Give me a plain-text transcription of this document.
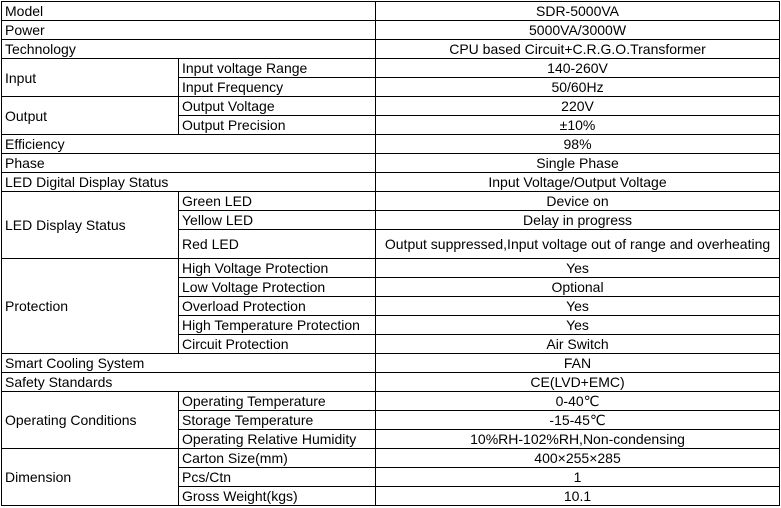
Model		SDR-5000VA
Power		5000VA/3000W
Technology		CPU based Circuit+C.R.G.O.Transformer
Input	Input voltage Range	140-260V
	Input Frequency	50/60Hz
Output	Output Voltage	220V
	Output Precision	±10%
Efficiency		98%
Phase		Single Phase
LED Digital Display Status		Input Voltage/Output Voltage
LED Display Status	Green LED	Device on
	Yellow LED	Delay in progress
	Red LED	Output suppressed,Input voltage out of range and overheating
Protection	High Voltage Protection	Yes
	Low Voltage Protection	Optional
	Overload Protection	Yes
	High Temperature Protection	Yes
	Circuit Protection	Air Switch
Smart Cooling System		FAN
Safety Standards		CE(LVD+EMC)
Operating Conditions	Operating Temperature	0-40℃
	Storage Temperature	-15-45℃
	Operating Relative Humidity	10%RH-102%RH,Non-condensing
Dimension	Carton Size(mm)	400×255×285
	Pcs/Ctn	1
	Gross Weight(kgs)	10.1
